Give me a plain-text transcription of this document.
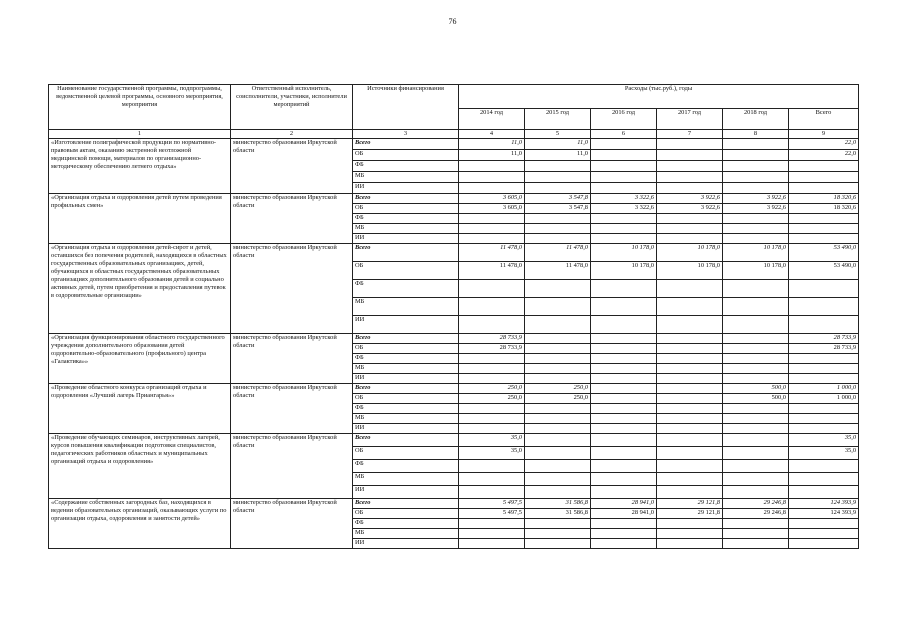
76
Наименование государственной программы, подпрограммы, ведомственной целевой программы, основного мероприятия, мероприятия	Ответственный исполнитель, соисполнители, участники, исполнители мероприятий	Источники финансирования	Расходы (тыс.руб.), годы					
			2014 год	2015 год	2016 год	2017 год	2018 год	Всего
1	2	3	4	5	6	7	8	9
«Изготовление полиграфической продукции по нормативно-правовым актам, оказанию экстренной неотложной медицинской помощи, материалов по организационно-методическому обеспечению летнего отдыха»	министерство образования Иркутской области	Всего	11,0	11,0				22,0
		ОБ	11,0	11,0				22,0
		ФБ						
		МБ						
		ИИ						
«Организация отдыха и оздоровления детей путем проведения профильных смен»	министерство образования Иркутской области	Всего	3 605,0	3 547,8	3 322,6	3 922,6	3 922,6	18 320,6
		ОБ	3 605,0	3 547,8	3 322,6	3 922,6	3 922,6	18 320,6
		ФБ						
		МБ						
		ИИ						
«Организация отдыха и оздоровления детей-сирот и детей, оставшихся без попечения родителей, находящихся в областных государственных образовательных организациях, детей, обучающихся в областных государственных образовательных организациях дополнительного образования детей и социально активных детей, путем приобретения и предоставления путевок в оздоровительные организации»	министерство образования Иркутской области	Всего	11 478,0	11 478,0	10 178,0	10 178,0	10 178,0	53 490,0
		ОБ	11 478,0	11 478,0	10 178,0	10 178,0	10 178,0	53 490,0
		ФБ						
		МБ						
		ИИ						
«Организация функционирования областного государственного учреждения дополнительного образования детей оздоровительно-образовательного (профильного) центра «Галактика»»	министерство образования Иркутской области	Всего	28 733,9					28 733,9
		ОБ	28 733,9					28 733,9
		ФБ						
		МБ						
		ИИ						
«Проведение областного конкурса организаций отдыха и оздоровления «Лучший лагерь Приангарья»»	министерство образования Иркутской области	Всего	250,0	250,0			500,0	1 000,0
		ОБ	250,0	250,0			500,0	1 000,0
		ФБ						
		МБ						
		ИИ						
«Проведение обучающих семинаров, инструктивных лагерей, курсов повышения квалификации подготовки специалистов, педагогических работников областных и муниципальных организаций отдыха и оздоровления»	министерство образования Иркутской области	Всего	35,0					35,0
		ОБ	35,0					35,0
		ФБ						
		МБ						
		ИИ						
«Содержание собственных загородных баз, находящихся в ведении образовательных организаций, оказывающих услуги по организации отдыха, оздоровления и занятости детей»	министерство образования Иркутской области	Всего	5 497,5	31 586,8	28 941,0	29 121,8	29 246,8	124 393,9
		ОБ	5 497,5	31 586,8	28 941,0	29 121,8	29 246,8	124 393,9
		ФБ						
		МБ						
		ИИ						
